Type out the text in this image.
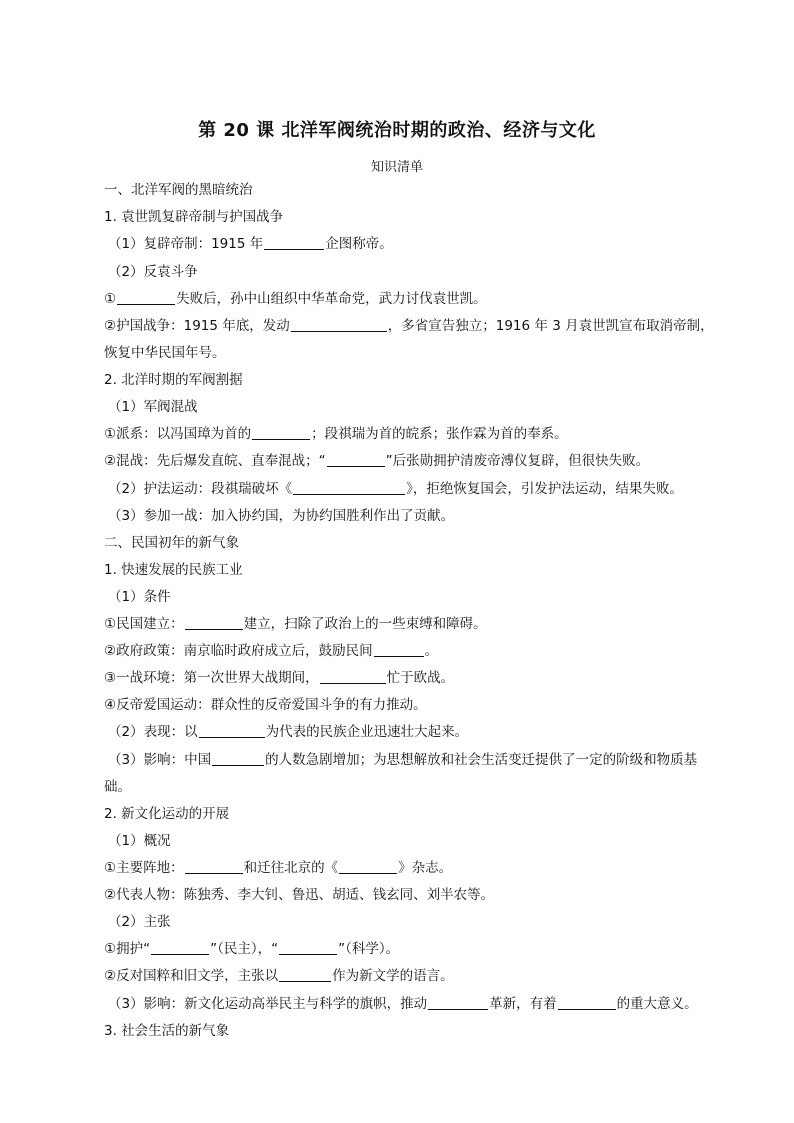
第 20 课 北洋军阀统治时期的政治、经济与文化
知识清单
一、北洋军阀的黑暗统治
1. 袁世凯复辟帝制与护国战争
（1）复辟帝制：1915 年	企图称帝。
（2）反袁斗争
①	失败后，孙中山组织中华革命党，武力讨伐袁世凯。
②护国战争：1915 年底，发动	，多省宣告独立；1916 年 3 月袁世凯宣布取消帝制，
恢复中华民国年号。
2. 北洋时期的军阀割据
（1）军阀混战
①派系：以冯国璋为首的	；段祺瑞为首的皖系；张作霖为首的奉系。
②混战：先后爆发直皖、直奉混战；“	”后张勋拥护清废帝溥仪复辟，但很快失败。
（2）护法运动：段祺瑞破坏《	》，拒绝恢复国会，引发护法运动，结果失败。
（3）参加一战：加入协约国，为协约国胜利作出了贡献。
二、民国初年的新气象
1. 快速发展的民族工业
（1）条件
①民国建立：	建立，扫除了政治上的一些束缚和障碍。
②政府政策：南京临时政府成立后，鼓励民间	。
③一战环境：第一次世界大战期间，	忙于欧战。
④反帝爱国运动：群众性的反帝爱国斗争的有力推动。
（2）表现：以	为代表的民族企业迅速壮大起来。
（3）影响：中国	的人数急剧增加；为思想解放和社会生活变迁提供了一定的阶级和物质基
础。
2. 新文化运动的开展
（1）概况
①主要阵地：	和迁往北京的《	》杂志。
②代表人物：陈独秀、李大钊、鲁迅、胡适、钱玄同、刘半农等。
（2）主张
①拥护“	”（民主），“	”（科学）。
②反对国粹和旧文学，主张以	作为新文学的语言。
（3）影响：新文化运动高举民主与科学的旗帜，推动	革新，有着	的重大意义。
3. 社会生活的新气象
